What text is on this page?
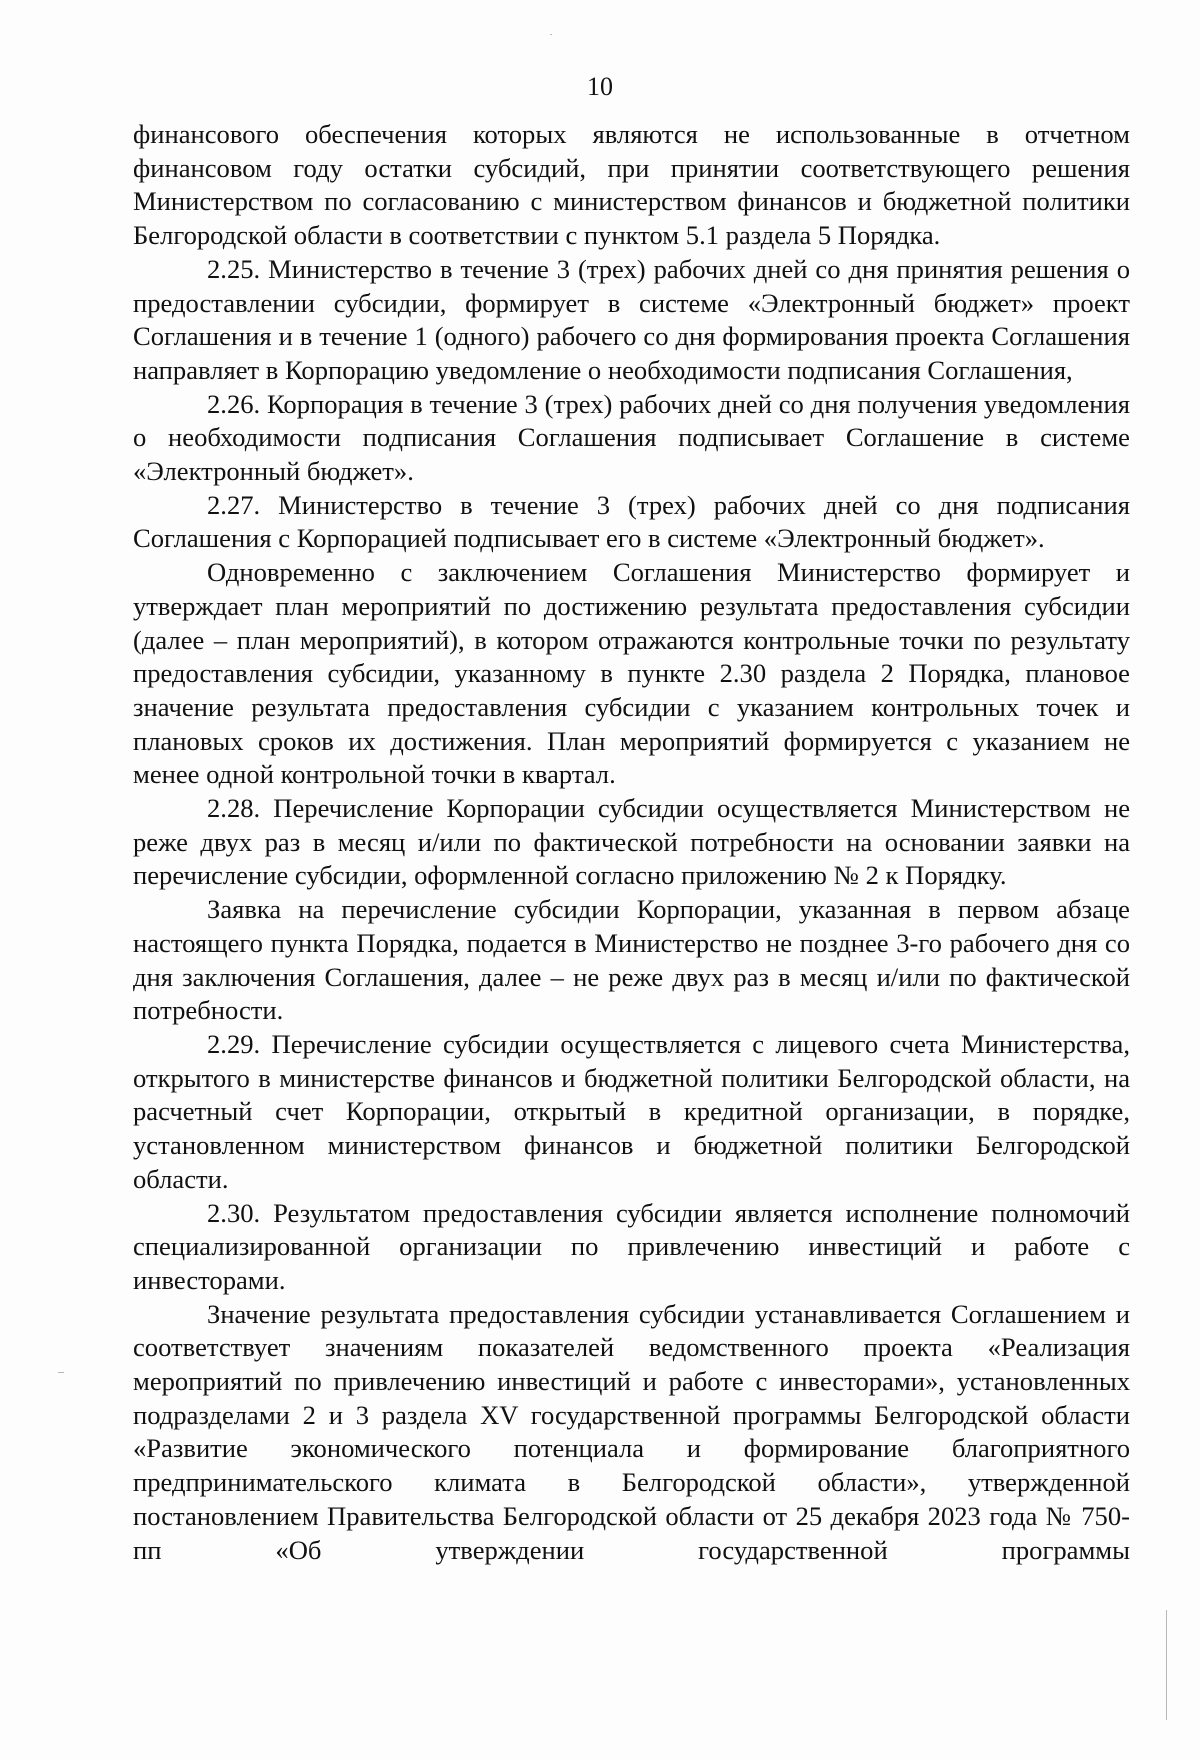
10

финансового обеспечения которых являются не использованные в отчетном финансовом году остатки субсидий, при принятии соответствующего решения Министерством по согласованию с министерством финансов и бюджетной политики Белгородской области в соответствии с пунктом 5.1 раздела 5 Порядка.

2.25. Министерство в течение 3 (трех) рабочих дней со дня принятия решения о предоставлении субсидии, формирует в системе «Электронный бюджет» проект Соглашения и в течение 1 (одного) рабочего со дня формирования проекта Соглашения направляет в Корпорацию уведомление о необходимости подписания Соглашения,

2.26. Корпорация в течение 3 (трех) рабочих дней со дня получения уведомления о необходимости подписания Соглашения подписывает Соглашение в системе «Электронный бюджет».

2.27. Министерство в течение 3 (трех) рабочих дней со дня подписания Соглашения с Корпорацией подписывает его в системе «Электронный бюджет».

Одновременно с заключением Соглашения Министерство формирует и утверждает план мероприятий по достижению результата предоставления субсидии (далее – план мероприятий), в котором отражаются контрольные точки по результату предоставления субсидии, указанному в пункте 2.30 раздела 2 Порядка, плановое значение результата предоставления субсидии с указанием контрольных точек и плановых сроков их достижения. План мероприятий формируется с указанием не менее одной контрольной точки в квартал.

2.28. Перечисление Корпорации субсидии осуществляется Министерством не реже двух раз в месяц и/или по фактической потребности на основании заявки на перечисление субсидии, оформленной согласно приложению № 2 к Порядку.

Заявка на перечисление субсидии Корпорации, указанная в первом абзаце настоящего пункта Порядка, подается в Министерство не позднее 3-го рабочего дня со дня заключения Соглашения, далее – не реже двух раз в месяц и/или по фактической потребности.

2.29. Перечисление субсидии осуществляется с лицевого счета Министерства, открытого в министерстве финансов и бюджетной политики Белгородской области, на расчетный счет Корпорации, открытый в кредитной организации, в порядке, установленном министерством финансов и бюджетной политики Белгородской области.

2.30. Результатом предоставления субсидии является исполнение полномочий специализированной организации по привлечению инвестиций и работе с инвесторами.

Значение результата предоставления субсидии устанавливается Соглашением и соответствует значениям показателей ведомственного проекта «Реализация мероприятий по привлечению инвестиций и работе с инвесторами», установленных подразделами 2 и 3 раздела XV государственной программы Белгородской области «Развитие экономического потенциала и формирование благоприятного предпринимательского климата в Белгородской области», утвержденной постановлением Правительства Белгородской области от 25 декабря 2023 года № 750-пп «Об утверждении государственной программы
